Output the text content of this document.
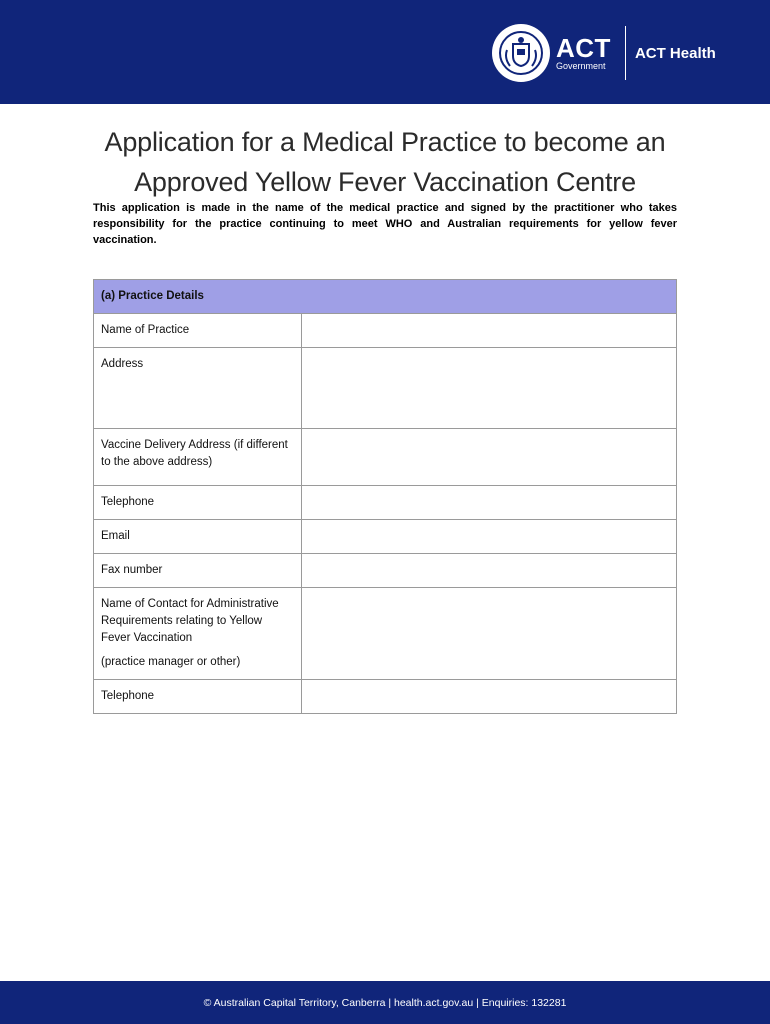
ACT
Government
ACT Health
Application for a Medical Practice to become an
Approved Yellow Fever Vaccination Centre
This application is made in the name of the medical practice and signed by the practitioner who takes responsibility for the practice continuing to meet WHO and Australian requirements for yellow fever vaccination.
(a) Practice Details	
Name of Practice	
Address	
Vaccine Delivery Address (if different to the above address)	
Telephone	
Email	
Fax number	

Name of Contact for Administrative Requirements relating to Yellow Fever Vaccination

(practice manager or other)	

Telephone	
© Australian Capital Territory, Canberra | health.act.gov.au | Enquiries: 132281
